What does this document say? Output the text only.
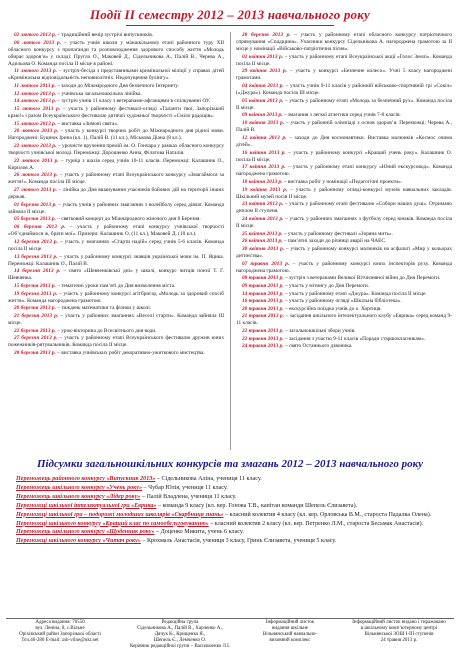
Події ІІ семестру 2012 – 2013 навчального року

02 лютого 2013 р. – традиційний вечір зустрічі випускників.

06 лютого 2013 р. – участь учнів школи у міжшкільному етапі районного туру XII обласного конкурсу з пропаганди та розповсюдження здорового способу життя «Молодь обирає здоров’я» у складі: Пругло О., Маковей Д., Сідельникова А., Палій В., Черева А., Адильова О. Команда посіла ІІ місце в районі.

11 лютого 2013 р. – зустріч-бесіда з представниками кримінальної міліції у справах дітей «Кримінальна відповідальність неповнолітніх. Недопущення булінгу».

11 лютого 2013 р. – заходи до Міжнародного Дня безпечного Інтернету.

12 лютого 2013 р. – учнівська загальношкільна лінійка.

14 лютого 2013 р. – зустріч учнів 11 класу з ветеранами-афганцями в спілкуванні ОУ.

15 лютого 2013 р. – участь у районному фестивалі-огляді «Таланти твої, Запорізький краю!» і разом Всеукраїнського фестивалю дитячої художньої творчості «Сміло радощів».

15 лютого 2013 р. – виставка «Зимові свята».

20 лютого 2013 р. – участь у конкурсі творчих робіт до Міжнародного дня рідної мови. Нагороджені: Буцнюк Ірина (кл. 1), Палій В. (11 кл.), Міськова Діана (8 кл.).

22 лютого 2013 р. – урочисте вручення премій ім. О. Гончара у рамках обласного конкурсу творчості учнівської молоді. Переможці: Дорошенко Анна, Філатова Наталія.

22 лютого 2013 р. – турнір з шахів серед учнів 10-11 класів. Переможці: Калашник О., Кирилов А.

26 лютого 2013 р. – участь у районному етапі Всеукраїнського конкурсу «Змагаймося за життя!». Команда посіла ІІІ місце.

27 лютого 2013 р. – лінійка до Дня вшанування учасників бойових дій на території інших держав.

01 березня 2013 р. – участь учнів у районних змаганнях з волейболу серед дівчат. Команда зайняла ІІ місце.

05 березня 2013 р. – святковий концерт до Міжнародного жіночого дня 8 Березня.

06 березня 2013 р. – участь у районному етапі конкурсу учнівської творчості «Об’єднаймося ж, брати мої». Призери: Калашник О. (11 кл.), Маковей Д. (10 кл.).

12 березня 2013 р. – участь у змаганнях «Старти надій» серед учнів 5-6 класів. Команда посіла ІІ місце.

13 березня 2013 р. – участь у районному конкурсі знавців української мови ім. П. Яцика. Переможці: Калашник О., Палій В.

14 березня 2013 р. – свято «Шевченківські дні» у школі, конкурс читців поезії Т. Г. Шевченка.

15 березня 2013 р. – тематичні уроки пам’яті до Дня визволення міста.

19 березня 2013 р. – участь у районному конкурсі агітбригад «Молодь за здоровий спосіб життя». Команда нагороджена грамотою.

20 березня 2013 р. – тиждень математики та фізики у школі.

21 березня 2013 р. – участь у районних змаганнях «Веселі старти». Команда зайняла ІІІ місце.

22 березня 2013 р. – урок-вікторина до Всесвітнього дня води.

27 березня 2013 р. – участь у районному етапі Всеукраїнського фестивалю дружин юних пожежників-рятувальників. Команда посіла ІІ місце.

28 березня 2013 р. – виставка учнівських робіт декоративно-ужиткового мистецтва.

28 березня 2013 р. – участь у районному етапі обласного конкурсу патріотичного спрямування «Спадщина». Учасники конкурсу Сідельнікова А. нагороджена грамотою за ІІ місце у номінації «Військово-патріотична пісня».

02 квітня 2013 р. – участь у районному етапі Всеукраїнської акції «Голос Землі». Команда посіла ІІ місце.

29 квітня 2013 р. – участь у конкурсі «Безпечне колесо». Учні 5 класу нагороджені грамотами.

04 квітня 2013 р. – участь учнів 9-11 класів у районній військово-спортивній грі «Сокіл» («Джура»). Команда посіла ІІІ місце.

05 квітня 2013 р. – участь у районному етапі «Молодь за безпечний рух». Команда посіла ІІ місце.

09 квітня 2013 р. – змагання з легкої атлетики серед учнів 7-8 класів.

10 квітня 2013 р. – участь у районній олімпіаді з основ здоров’я. Переможці: Черева А., Палій В.

12 квітня 2013 р. – заходи до Дня космонавтики. Виставка малюнків «Космос очима дітей».

16 квітня 2013 р. – участь у районному конкурсі «Кращий учень року». Калашник О. посіла ІІ місце.

17 квітня 2013 р. – участь у районному етапі конкурсу «Юний екскурсовод». Команда нагороджена грамотою.

18 квітня 2013 р. – виставка робіт у номінації «Педагогічні проекти».

19 квітня 2013 р. – участь у районному огляді-конкурсі музеїв навчальних закладів. Шкільний музей посів ІІ місце.

23 квітня 2013 р. – участь у районному етапі фестивалю «Собори наших душ». Отримано диплом ІІ ступеня.

24 квітня 2013 р. – участь у районних змаганнях з футболу серед юнаків. Команда посіла ІІ місце.

25 квітня 2013 р. – участь у районному фестивалі «Зоряна мить».

26 квітня 2013 р. – пам’ятні заходи до річниці аварії на ЧАЕС.

30 квітня 2013 р. – участь у районному конкурсі малюнків на асфальті «Мир у кольорах дитинства».

07 травня 2013 р. – участь у районному конкурсі юних інспекторів руху. Команда нагороджена грамотою.

08 травня 2013 р. – зустріч з ветеранами Великої Вітчизняної війни до Дня Перемоги.

09 травня 2013 р. – участь у мітингу до Дня Перемоги.

14 травня 2013 р. – участь у районному етапі «Джура». Команда посіла ІІ місце.

16 травня 2013 р. – участь у районному огляді «Шкільна бібліотека».

20 травня 2013 р. – екскурсійна поїздка учнів до о. Хортиця.

21 травня 2013 р. – засідання шкільного інтелектуального клубу «Еврика» серед команд 9-11 класів.

22 травня 2013 р. – загальношкільні збори учнів.

22 травня 2013 р. – засідання з участю 9-11 класів «Поради старшокласникам».

24 травня 2013 р. – свято Останнього дзвоника.

Підсумки загальношкільних конкурсів та змагань 2012 – 2013 навчального року

Переможець районного конкурсу «Випускник 2013» – Сідельникова Аліна, учениця 11 класу.

Переможець шкільного конкурсу «Учень року» – Чубар Юлія, учениця 11 класу.

Переможець шкільного конкурсу «Лідер року» – Палій Владлена, учениця 11 класу.

Переможці шкільної інтелектуальної гри «Еврика» – команда 9 класу (кл. кер. Гонова Т.В., капітан команди Шепель Єлизавета).

Переможці шкільної гри – подорожі молодших школярів «Скарбниця знань» – класний колектив 4 класу (кл. кер. Орловська В.М., староста Падалка Олена).

Переможці шкільного конкурсу «Кращий клас по самообслуговуванню» – класний колектив 2 класу (кл. кер. Петренко Л.М., староста Бесьмак Анастасія).

Переможець шкільного конкурсу «Щоденник року» – Доценко Микита, учень 6 класу.

Переможці шкільного конкурсу «Читач року» – Крохмаль Анастасія, учениця 3 класу, Гринь Єлизавета, учениця 5 класу.

Адреса видання: 70550
вул. Леніна, 8, с.Вільне
Оріхівський район Запорізької області
Тел.46-280 E-mail: zsh-vilne@ukr.net
Редакційна група
Сідельникова А., Палій В., Харченко А.,
Дячук К., Крищенко Я.,
Шепель Є., Лемченко О.
Керівник редакційної групи – Васильченко Л.І.
Інформаційний листок
видання шкільне
Вільнянський навчально-
виховний комплекс
Інформаційний листок видано і тиражовано
в шкільному комп’ютерному центрі
Вільнянської ЗОШ І-ІІІ ступенів
24 травня 2013 р.
